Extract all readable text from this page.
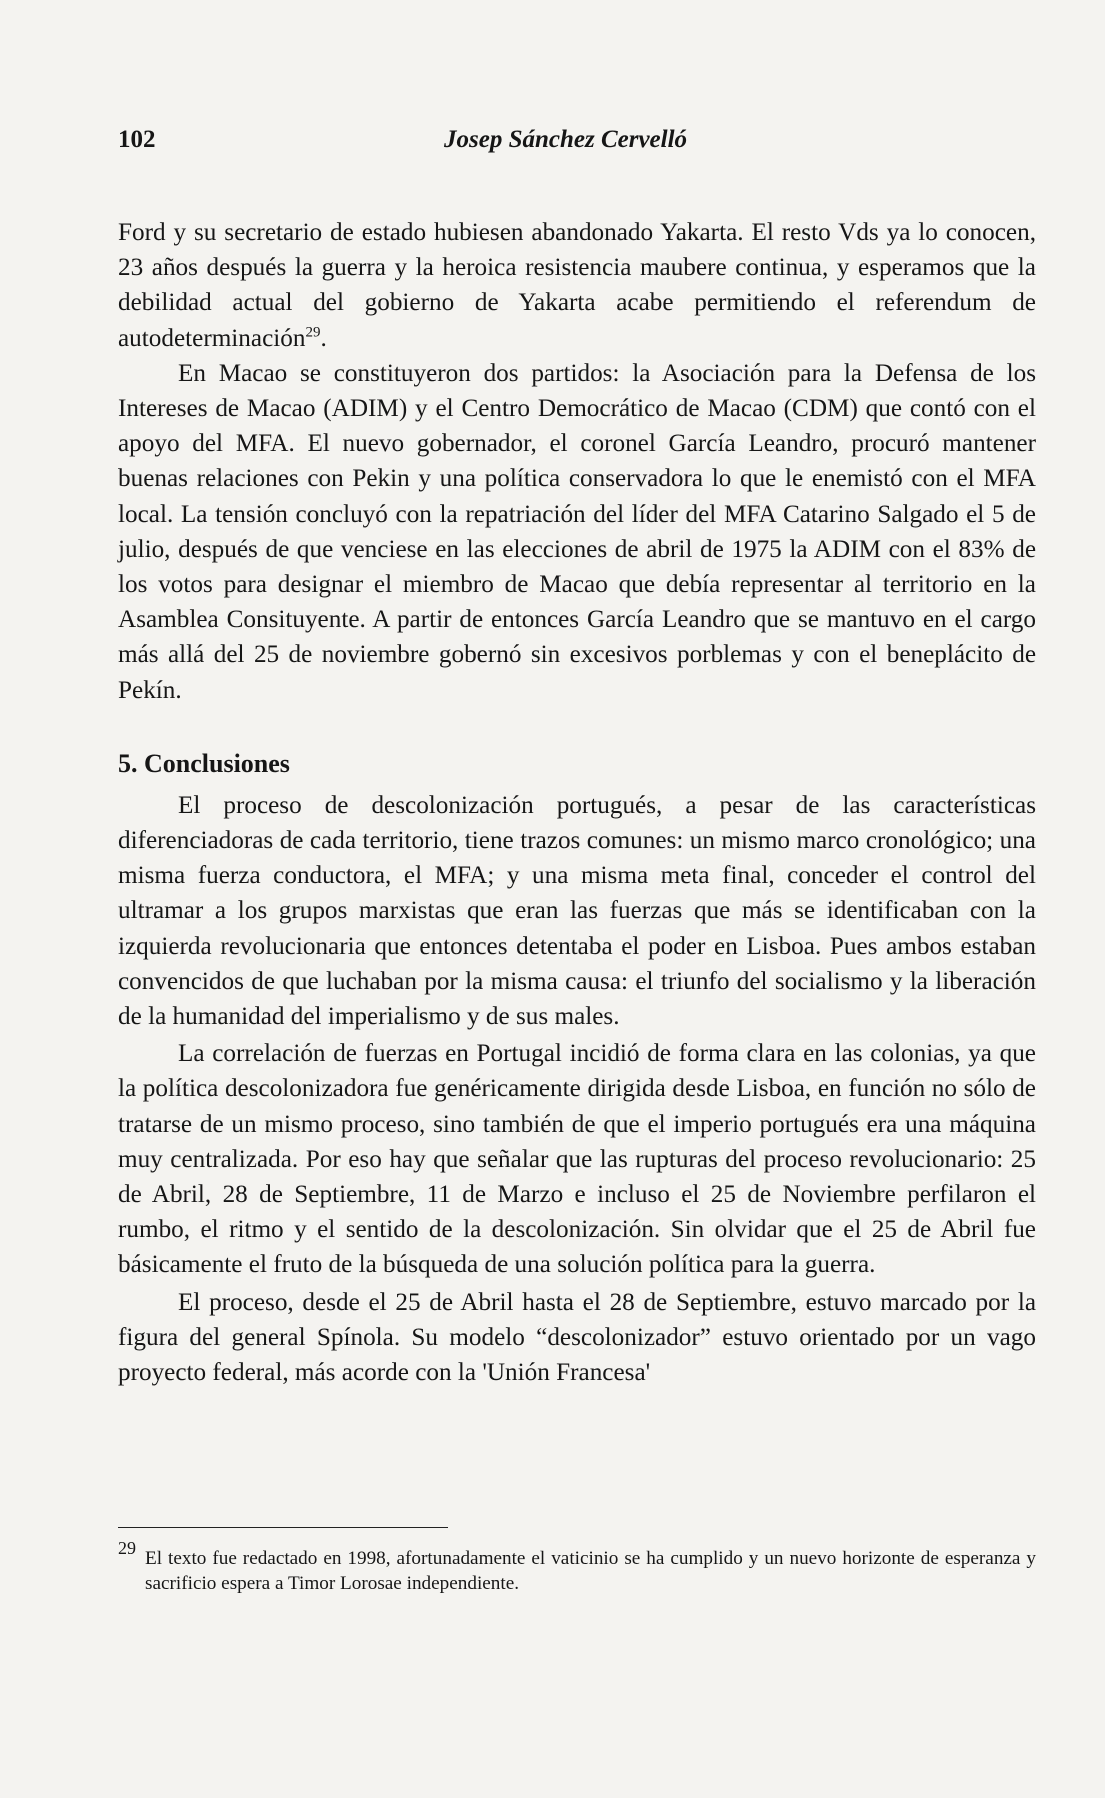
102	Josep Sánchez Cervelló

Ford y su secretario de estado hubiesen abandonado Yakarta. El resto Vds ya lo conocen, 23 años después la guerra y la heroica resistencia maubere continua, y esperamos que la debilidad actual del gobierno de Yakarta acabe permitiendo el referendum de autodeterminación$^{29}$.

En Macao se constituyeron dos partidos: la Asociación para la Defensa de los Intereses de Macao (ADIM) y el Centro Democrático de Macao (CDM) que contó con el apoyo del MFA. El nuevo gobernador, el coronel García Leandro, procuró mantener buenas relaciones con Pekin y una política conservadora lo que le enemistó con el MFA local. La tensión concluyó con la repatriación del líder del MFA Catarino Salgado el 5 de julio, después de que venciese en las elecciones de abril de 1975 la ADIM con el 83% de los votos para designar el miembro de Macao que debía representar al territorio en la Asamblea Consituyente. A partir de entonces García Leandro que se mantuvo en el cargo más allá del 25 de noviembre gobernó sin excesivos porblemas y con el beneplácito de Pekín.

5. Conclusiones

El proceso de descolonización portugués, a pesar de las características diferenciadoras de cada territorio, tiene trazos comunes: un mismo marco cronológico; una misma fuerza conductora, el MFA; y una misma meta final, conceder el control del ultramar a los grupos marxistas que eran las fuerzas que más se identificaban con la izquierda revolucionaria que entonces detentaba el poder en Lisboa. Pues ambos estaban convencidos de que luchaban por la misma causa: el triunfo del socialismo y la liberación de la humanidad del imperialismo y de sus males.

La correlación de fuerzas en Portugal incidió de forma clara en las colonias, ya que la política descolonizadora fue genéricamente dirigida desde Lisboa, en función no sólo de tratarse de un mismo proceso, sino también de que el imperio portugués era una máquina muy centralizada. Por eso hay que señalar que las rupturas del proceso revolucionario: 25 de Abril, 28 de Septiembre, 11 de Marzo e incluso el 25 de Noviembre perfilaron el rumbo, el ritmo y el sentido de la descolonización. Sin olvidar que el 25 de Abril fue básicamente el fruto de la búsqueda de una solución política para la guerra.

El proceso, desde el 25 de Abril hasta el 28 de Septiembre, estuvo marcado por la figura del general Spínola. Su modelo “descolonizador” estuvo orientado por un vago proyecto federal, más acorde con la 'Unión Francesa'

29 El texto fue redactado en 1998, afortunadamente el vaticinio se ha cumplido y un nuevo horizonte de esperanza y sacrificio espera a Timor Lorosae independiente.
